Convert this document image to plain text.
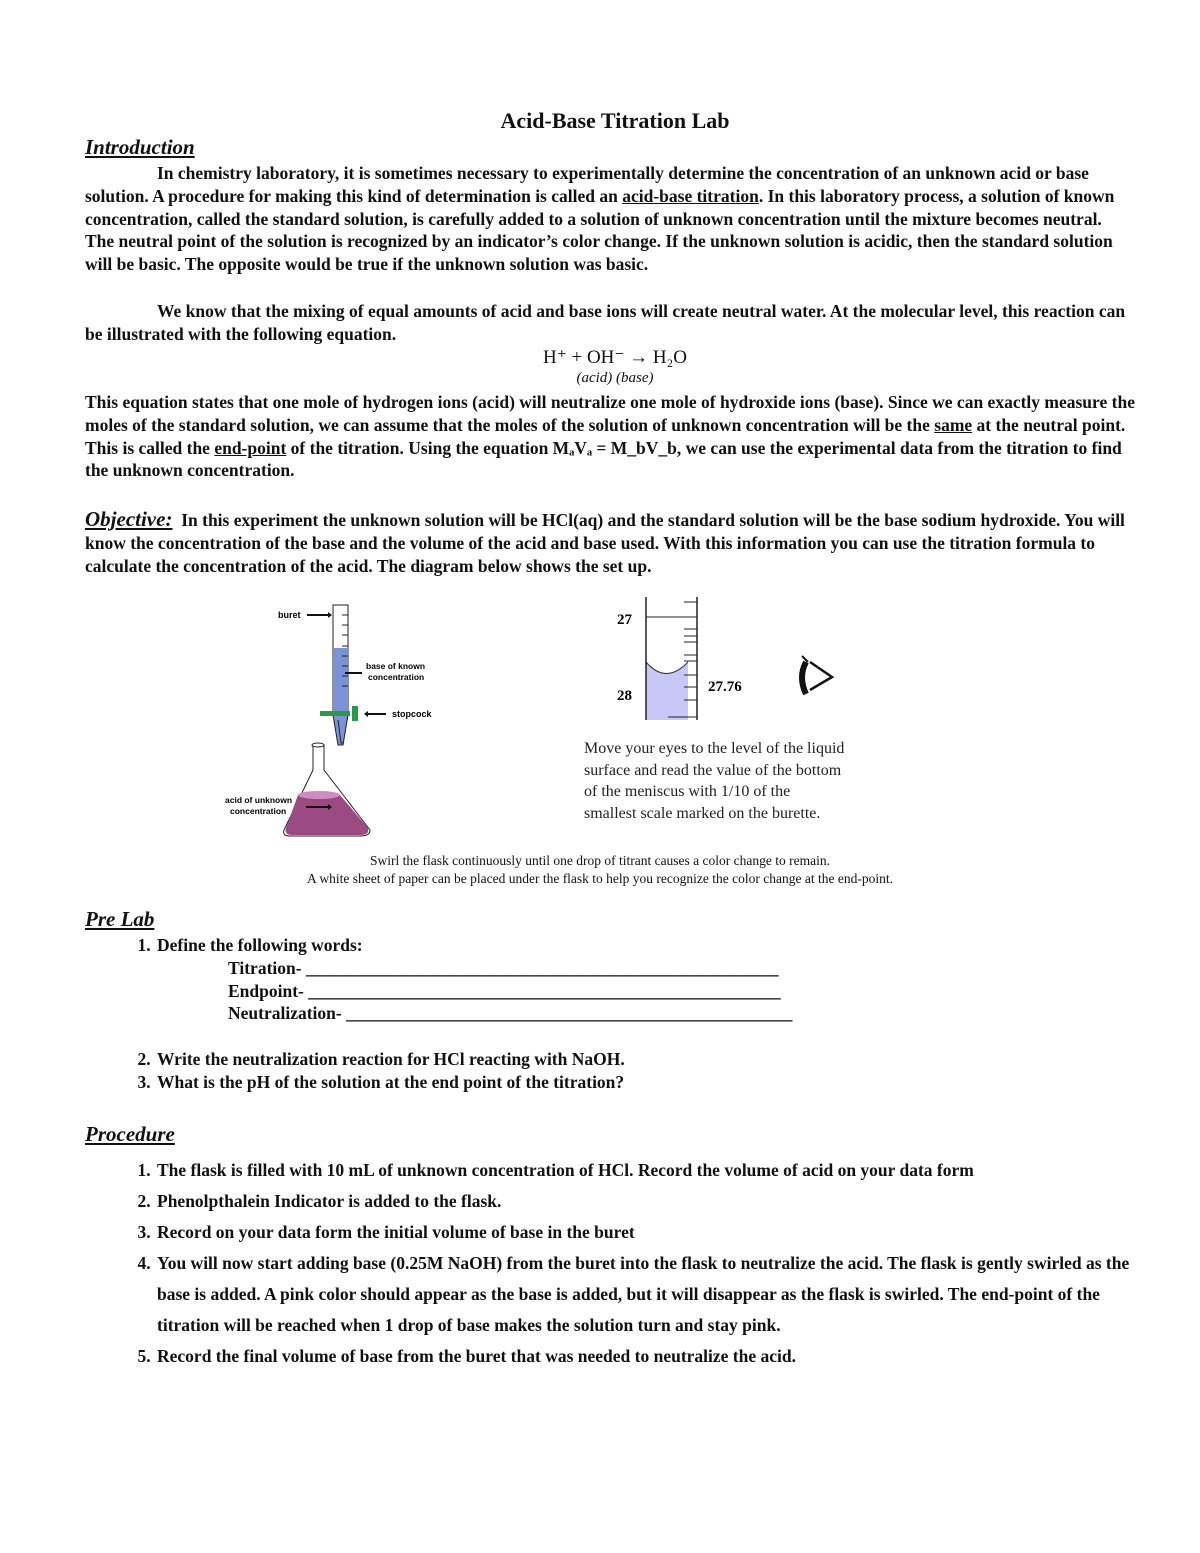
Acid-Base Titration Lab
Introduction
In chemistry laboratory, it is sometimes necessary to experimentally determine the concentration of an unknown acid or base solution. A procedure for making this kind of determination is called an acid-base titration. In this laboratory process, a solution of known concentration, called the standard solution, is carefully added to a solution of unknown concentration until the mixture becomes neutral. The neutral point of the solution is recognized by an indicator’s color change. If the unknown solution is acidic, then the standard solution will be basic. The opposite would be true if the unknown solution was basic.
We know that the mixing of equal amounts of acid and base ions will create neutral water. At the molecular level, this reaction can be illustrated with the following equation.
H⁺ + OH⁻ → H₂O
(acid) (base)
This equation states that one mole of hydrogen ions (acid) will neutralize one mole of hydroxide ions (base). Since we can exactly measure the moles of the standard solution, we can assume that the moles of the solution of unknown concentration will be the same at the neutral point. This is called the end-point of the titration. Using the equation MₐVₐ = M_bV_b, we can use the experimental data from the titration to find the unknown concentration.
Objective: In this experiment the unknown solution will be HCl(aq) and the standard solution will be the base sodium hydroxide. You will know the concentration of the base and the volume of the acid and base used. With this information you can use the titration formula to calculate the concentration of the acid. The diagram below shows the set up.
buret
base of known
concentration
stopcock
acid of unknown
concentration
27
28
27.76
Move your eyes to the level of the liquid
surface and read the value of the bottom
of the meniscus with 1/10 of the
smallest scale marked on the burette.
Swirl the flask continuously until one drop of titrant causes a color change to remain.
A white sheet of paper can be placed under the flask to help you recognize the color change at the end-point.
Pre Lab
1. Define the following words:
Titration- ______________________________________________________
Endpoint- ______________________________________________________
Neutralization- ___________________________________________________
2. Write the neutralization reaction for HCl reacting with NaOH.
3. What is the pH of the solution at the end point of the titration?
Procedure
1. The flask is filled with 10 mL of unknown concentration of HCl. Record the volume of acid on your data form
2. Phenolpthalein Indicator is added to the flask.
3. Record on your data form the initial volume of base in the buret
4. You will now start adding base (0.25M NaOH) from the buret into the flask to neutralize the acid. The flask is gently swirled as the base is added. A pink color should appear as the base is added, but it will disappear as the flask is swirled. The end-point of the titration will be reached when 1 drop of base makes the solution turn and stay pink.
5. Record the final volume of base from the buret that was needed to neutralize the acid.
